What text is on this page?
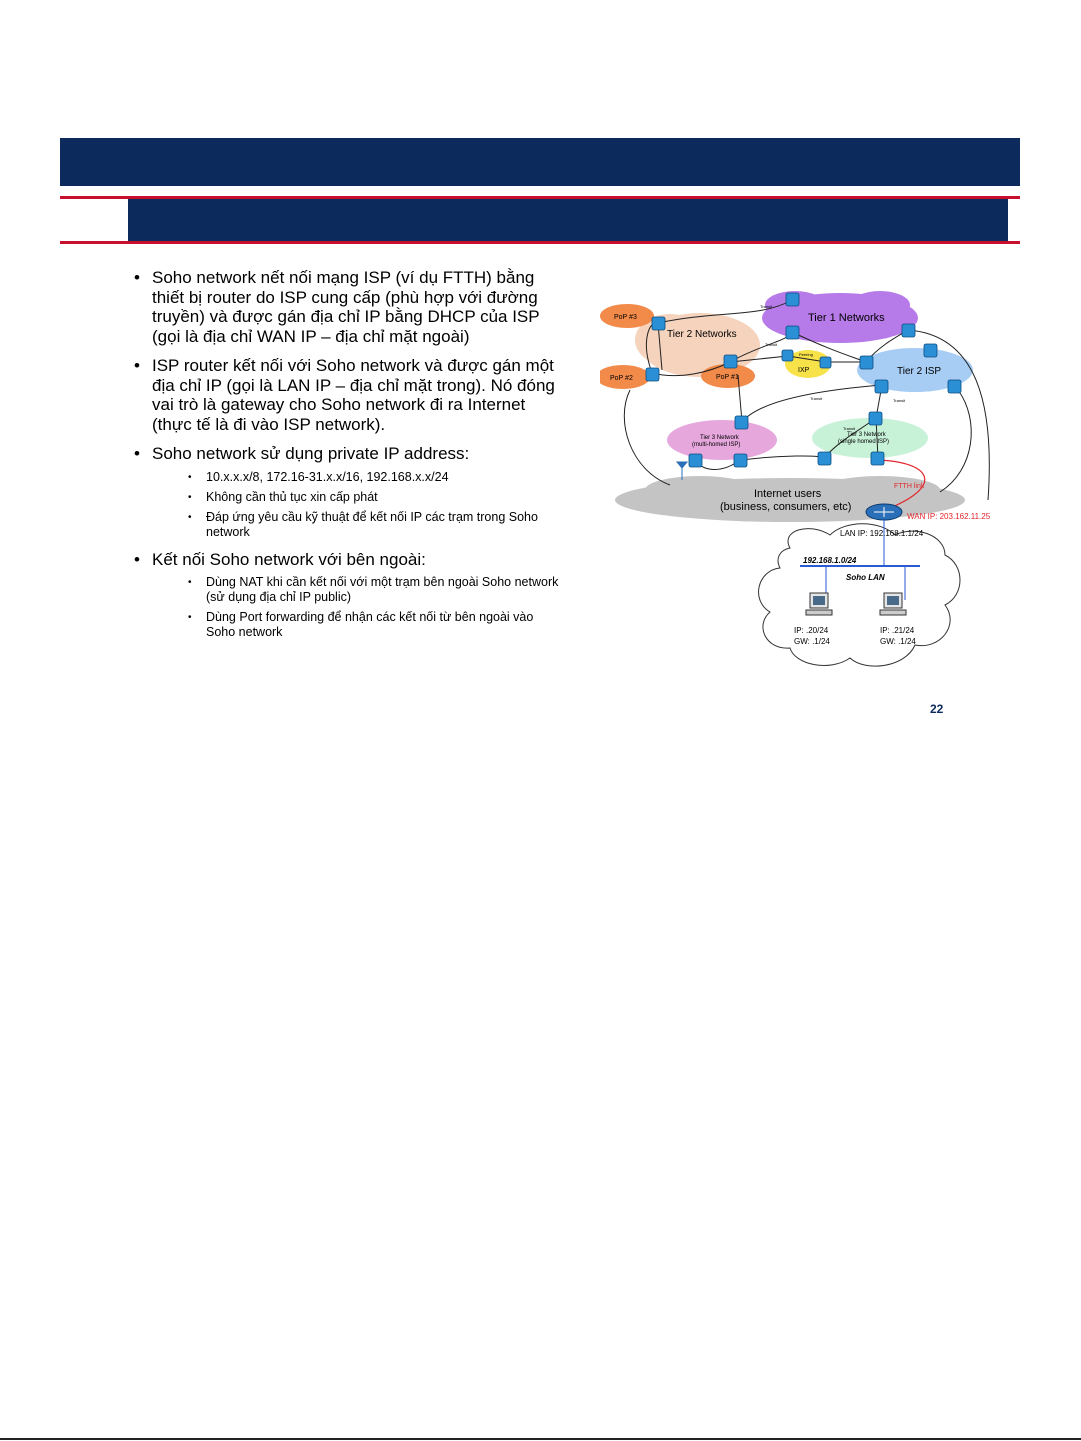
• Soho network nết nối mạng ISP (ví dụ FTTH) bằng thiết bị router do ISP cung cấp (phù hợp với đường truyền) và được gán địa chỉ IP bằng DHCP của ISP (gọi là địa chỉ WAN IP – địa chỉ mặt ngoài)
• ISP router kết nối với Soho network và được gán một địa chỉ IP (gọi là LAN IP – địa chỉ mặt trong). Nó đóng vai trò là gateway cho Soho network đi ra Internet (thực tế là đi vào ISP network).
• Soho network sử dụng private IP address:
• 10.x.x.x/8, 172.16-31.x.x/16, 192.168.x.x/24
• Không cần thủ tục xin cấp phát
• Đáp ứng yêu cầu kỹ thuật để kết nối IP các trạm trong Soho network
• Kết nối Soho network với bên ngoài:
• Dùng NAT khi cần kết nối với một trạm bên ngoài Soho network (sử dụng địa chỉ IP public)
• Dùng Port forwarding để nhận các kết nối từ bên ngoài vào Soho network
Tier 1 Networks
Tier 2 Networks
Tier 2 ISP
PoP #3
PoP #2	PoP #1
IXP
Peering
Transit
Transit
Transit	Transit
Transit
Tier 3 Network
(multi-homed ISP)
Tier 3 Network
(single homed ISP)
Internet users
(business, consumers, etc)
FTTH link
WAN IP: 203.162.11.25
LAN IP: 192.168.1.1/24
192.168.1.0/24
Soho LAN
IP: .20/24
GW: .1/24
IP: .21/24
GW: .1/24
22
